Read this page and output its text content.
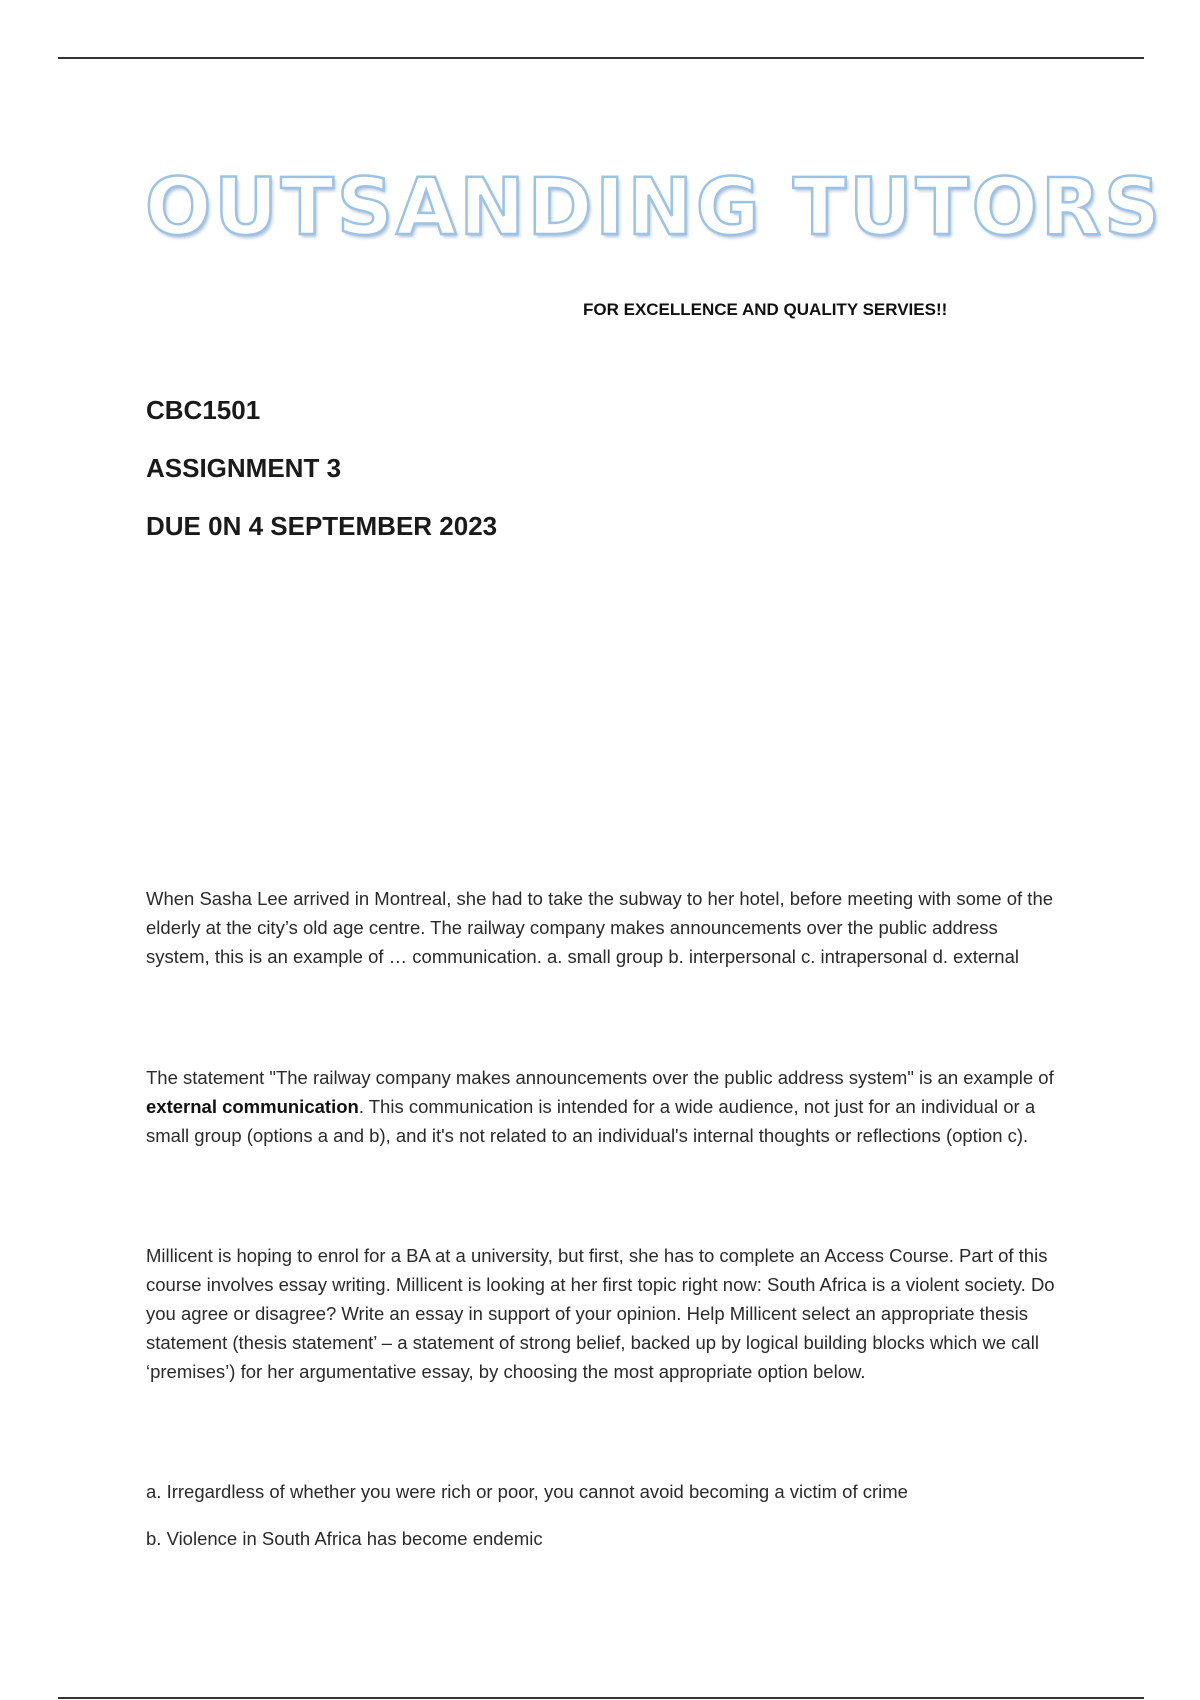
OUTSANDING TUTORS
FOR EXCELLENCE AND QUALITY SERVIES!!
CBC1501
ASSIGNMENT 3
DUE 0N 4 SEPTEMBER 2023

When Sasha Lee arrived in Montreal, she had to take the subway to her hotel, before meeting with some of the elderly at the city’s old age centre. The railway company makes announcements over the public address system, this is an example of … communication. a. small group b. interpersonal c. intrapersonal d. external

The statement "The railway company makes announcements over the public address system" is an example of external communication. This communication is intended for a wide audience, not just for an individual or a small group (options a and b), and it's not related to an individual's internal thoughts or reflections (option c).

Millicent is hoping to enrol for a BA at a university, but first, she has to complete an Access Course. Part of this course involves essay writing. Millicent is looking at her first topic right now: South Africa is a violent society. Do you agree or disagree? Write an essay in support of your opinion. Help Millicent select an appropriate thesis statement (thesis statement’ – a statement of strong belief, backed up by logical building blocks which we call ‘premises’) for her argumentative essay, by choosing the most appropriate option below.

a. Irregardless of whether you were rich or poor, you cannot avoid becoming a victim of crime
b. Violence in South Africa has become endemic
